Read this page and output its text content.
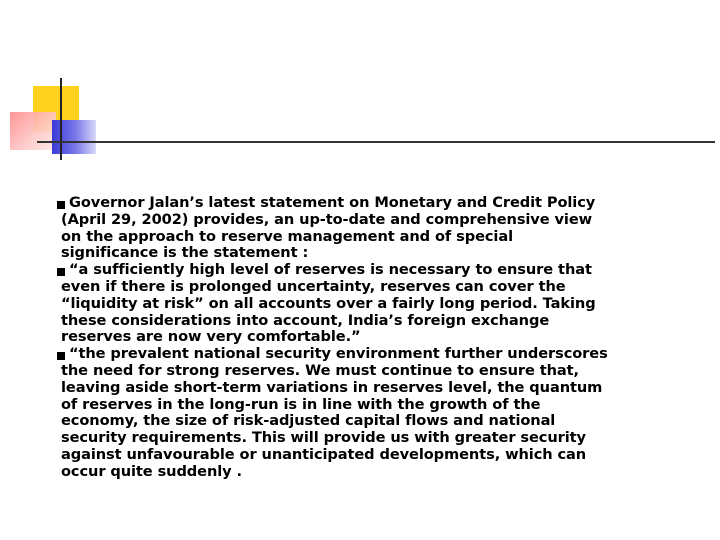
Governor Jalan’s latest statement on Monetary and Credit Policy
(April 29, 2002) provides, an up-to-date and comprehensive view
on the approach to reserve management and of special
significance is the statement :
“a sufficiently high level of reserves is necessary to ensure that
even if there is prolonged uncertainty, reserves can cover the
“liquidity at risk” on all accounts over a fairly long period. Taking
these considerations into account, India’s foreign exchange
reserves are now very comfortable.”
“the prevalent national security environment further underscores
the need for strong reserves. We must continue to ensure that,
leaving aside short-term variations in reserves level, the quantum
of reserves in the long-run is in line with the growth of the
economy, the size of risk-adjusted capital flows and national
security requirements. This will provide us with greater security
against unfavourable or unanticipated developments, which can
occur quite suddenly .
